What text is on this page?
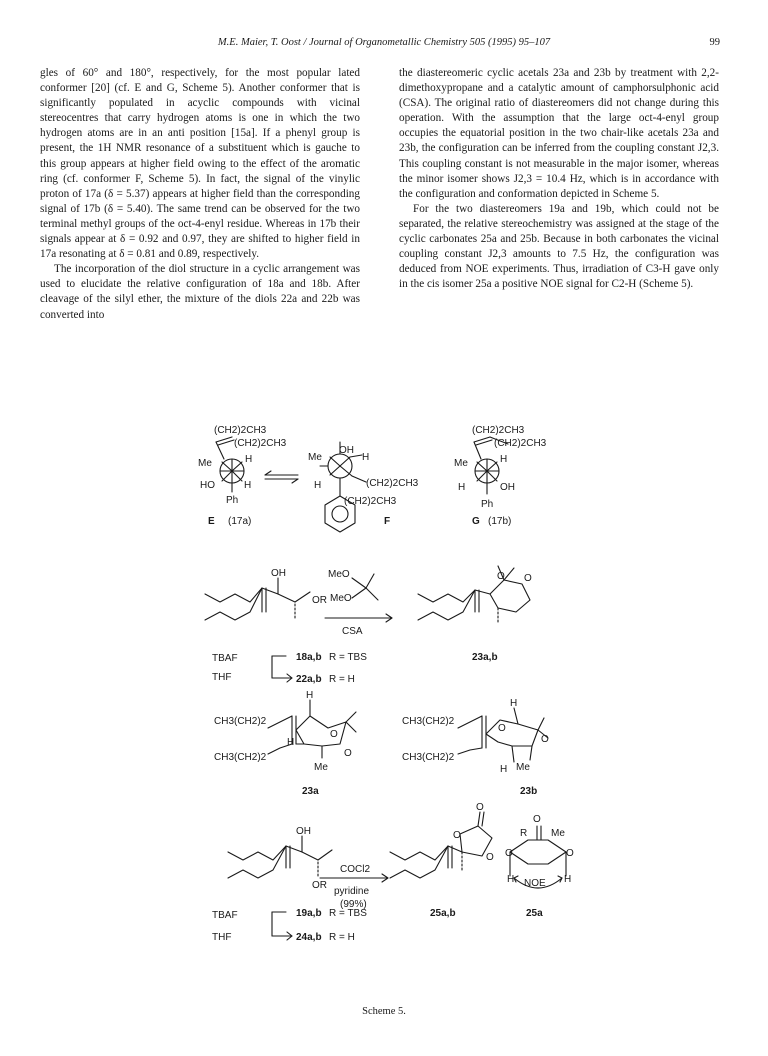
M.E. Maier, T. Oost / Journal of Organometallic Chemistry 505 (1995) 95–107	99

gles of 60° and 180°, respectively, for the most popular lated conformer [20] (cf. E and G, Scheme 5). Another conformer that is significantly populated in acyclic compounds with vicinal stereocentres that carry hydrogen atoms is one in which the two hydrogen atoms are in an anti position [15a]. If a phenyl group is present, the 1H NMR resonance of a substituent which is gauche to this group appears at higher field owing to the effect of the aromatic ring (cf. conformer F, Scheme 5). In fact, the signal of the vinylic proton of 17a (δ = 5.37) appears at higher field than the corresponding signal of 17b (δ = 5.40). The same trend can be observed for the two terminal methyl groups of the oct-4-enyl residue. Whereas in 17b their signals appear at δ = 0.92 and 0.97, they are shifted to higher field in 17a resonating at δ = 0.81 and 0.89, respectively.

The incorporation of the diol structure in a cyclic arrangement was used to elucidate the relative configuration of 18a and 18b. After cleavage of the silyl ether, the mixture of the diols 22a and 22b was converted into

the diastereomeric cyclic acetals 23a and 23b by treatment with 2,2-dimethoxypropane and a catalytic amount of camphorsulphonic acid (CSA). The original ratio of diastereomers did not change during this operation. With the assumption that the large oct-4-enyl group occupies the equatorial position in the two chair-like acetals 23a and 23b, the configuration can be inferred from the coupling constant J2,3. This coupling constant is not measurable in the major isomer, whereas the minor isomer shows J2,3 = 10.4 Hz, which is in accordance with the configuration and conformation depicted in Scheme 5.

For the two diastereomers 19a and 19b, which could not be separated, the relative stereochemistry was assigned at the stage of the cyclic carbonates 25a and 25b. Because in both carbonates the vicinal coupling constant J2,3 amounts to 7.5 Hz, the configuration was deduced from NOE experiments. Thus, irradiation of C3-H gave only in the cis isomer 25a a positive NOE signal for C2-H (Scheme 5).

(CH2)2CH3
(CH2)2CH3
Me	H
HO	H
Ph
E (17a)
Me
OH
H
H	(CH2)2CH3
(CH2)2CH3
F
(CH2)2CH3
(CH2)2CH3
Me	H
H	OH
Ph
G (17b)
OH
OR
MeO
MeO
CSA
O O
TBAF
THF
18a,b R = TBS
22a,b R = H
23a,b
CH3(CH2)2
CH3(CH2)2
H
O
H
O
Me
23a
CH3(CH2)2
CH3(CH2)2
H
O
O
H Me
23b
OH
OR
COCl2
pyridine
(99%)
O
O
O
R
O
Me
O	O
H NOE H
TBAF
THF
19a,b R = TBS
24a,b R = H
25a,b	25a
Scheme 5.
